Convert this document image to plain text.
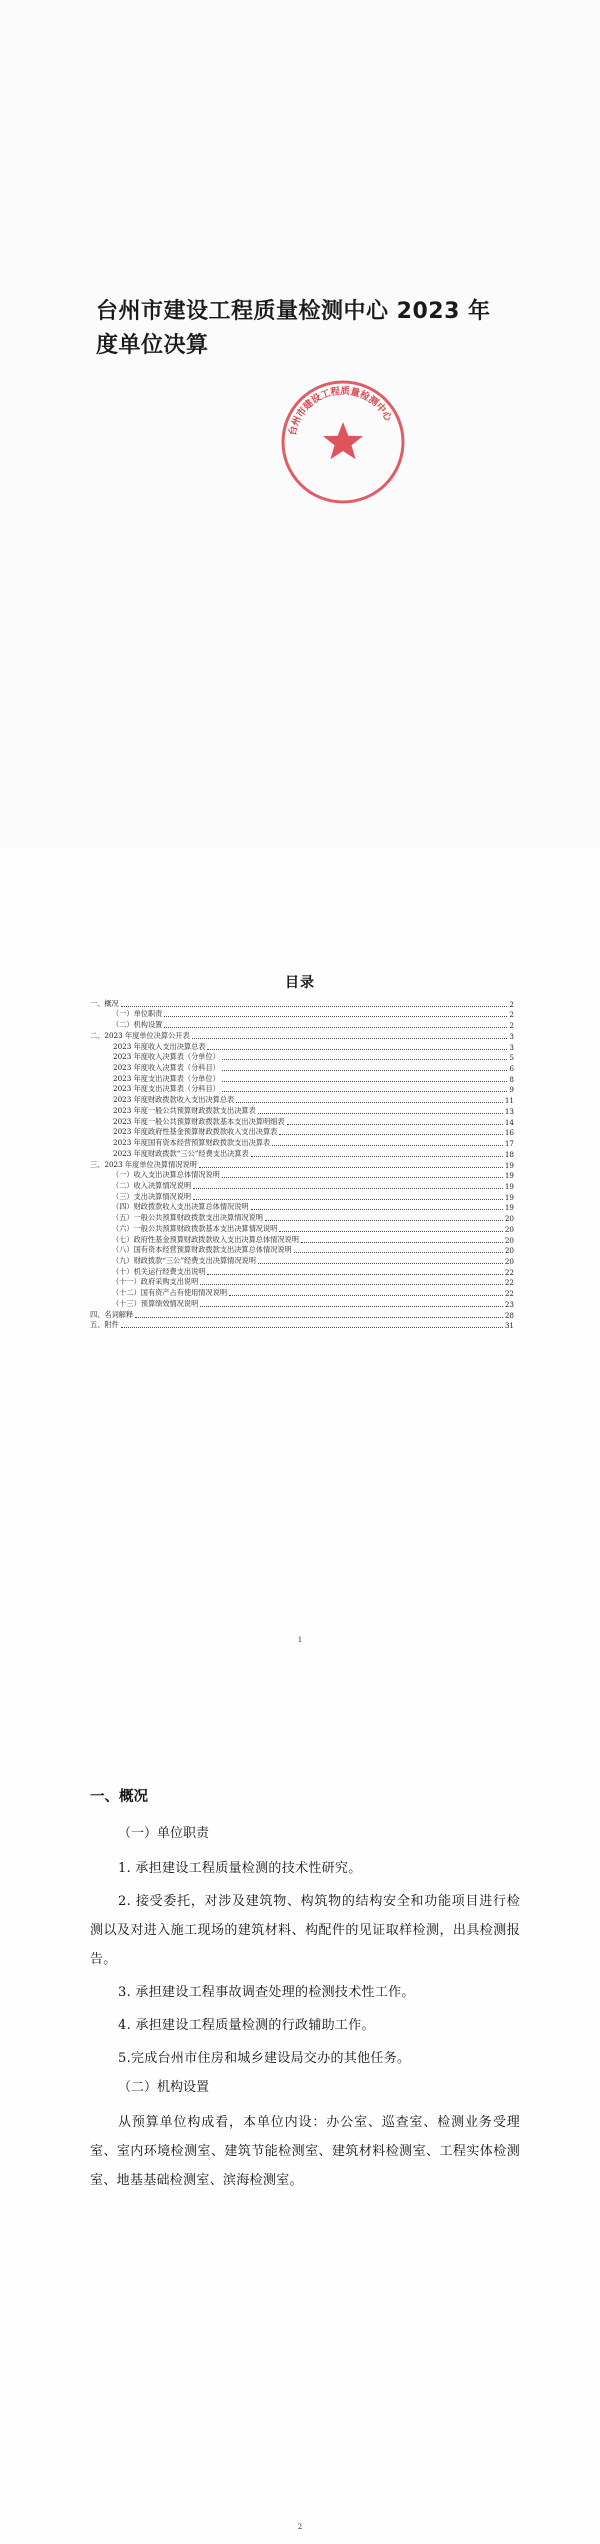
台州市建设工程质量检测中心 2023 年度单位决算
台州市建设工程质量检测中心
目录
一、概况	2
（一）单位职责	2
（二）机构设置	2
二、2023 年度单位决算公开表	3
2023 年度收入支出决算总表	3
2023 年度收入决算表（分单位）	5
2023 年度收入决算表（分科目）	6
2023 年度支出决算表（分单位）	8
2023 年度支出决算表（分科目）	9
2023 年度财政拨款收入支出决算总表	11
2023 年度一般公共预算财政拨款支出决算表	13
2023 年度一般公共预算财政拨款基本支出决算明细表	14
2023 年度政府性基金预算财政拨款收入支出决算表	16
2023 年度国有资本经营预算财政拨款支出决算表	17
2023 年度财政拨款“三公”经费支出决算表	18
三、2023 年度单位决算情况说明	19
（一）收入支出决算总体情况说明	19
（二）收入决算情况说明	19
（三）支出决算情况说明	19
（四）财政拨款收入支出决算总体情况说明	19
（五）一般公共预算财政拨款支出决算情况说明	20
（六）一般公共预算财政拨款基本支出决算情况说明	20
（七）政府性基金预算财政拨款收入支出决算总体情况说明	20
（八）国有资本经营预算财政拨款支出决算总体情况说明	20
（九）财政拨款“三公”经费支出决算情况说明	20
（十）机关运行经费支出说明	22
（十一）政府采购支出说明	22
（十二）国有资产占有使用情况说明	22
（十三）预算绩效情况说明	23
四、名词解释	28
五、附件	31
1
一、概况
（一）单位职责

1. 承担建设工程质量检测的技术性研究。

2. 接受委托，对涉及建筑物、构筑物的结构安全和功能项目进行检测以及对进入施工现场的建筑材料、构配件的见证取样检测，出具检测报告。

3. 承担建设工程事故调查处理的检测技术性工作。

4. 承担建设工程质量检测的行政辅助工作。

5.完成台州市住房和城乡建设局交办的其他任务。

（二）机构设置

从预算单位构成看，本单位内设：办公室、巡查室、检测业务受理室、室内环境检测室、建筑节能检测室、建筑材料检测室、工程实体检测室、地基基础检测室、滨海检测室。

2
